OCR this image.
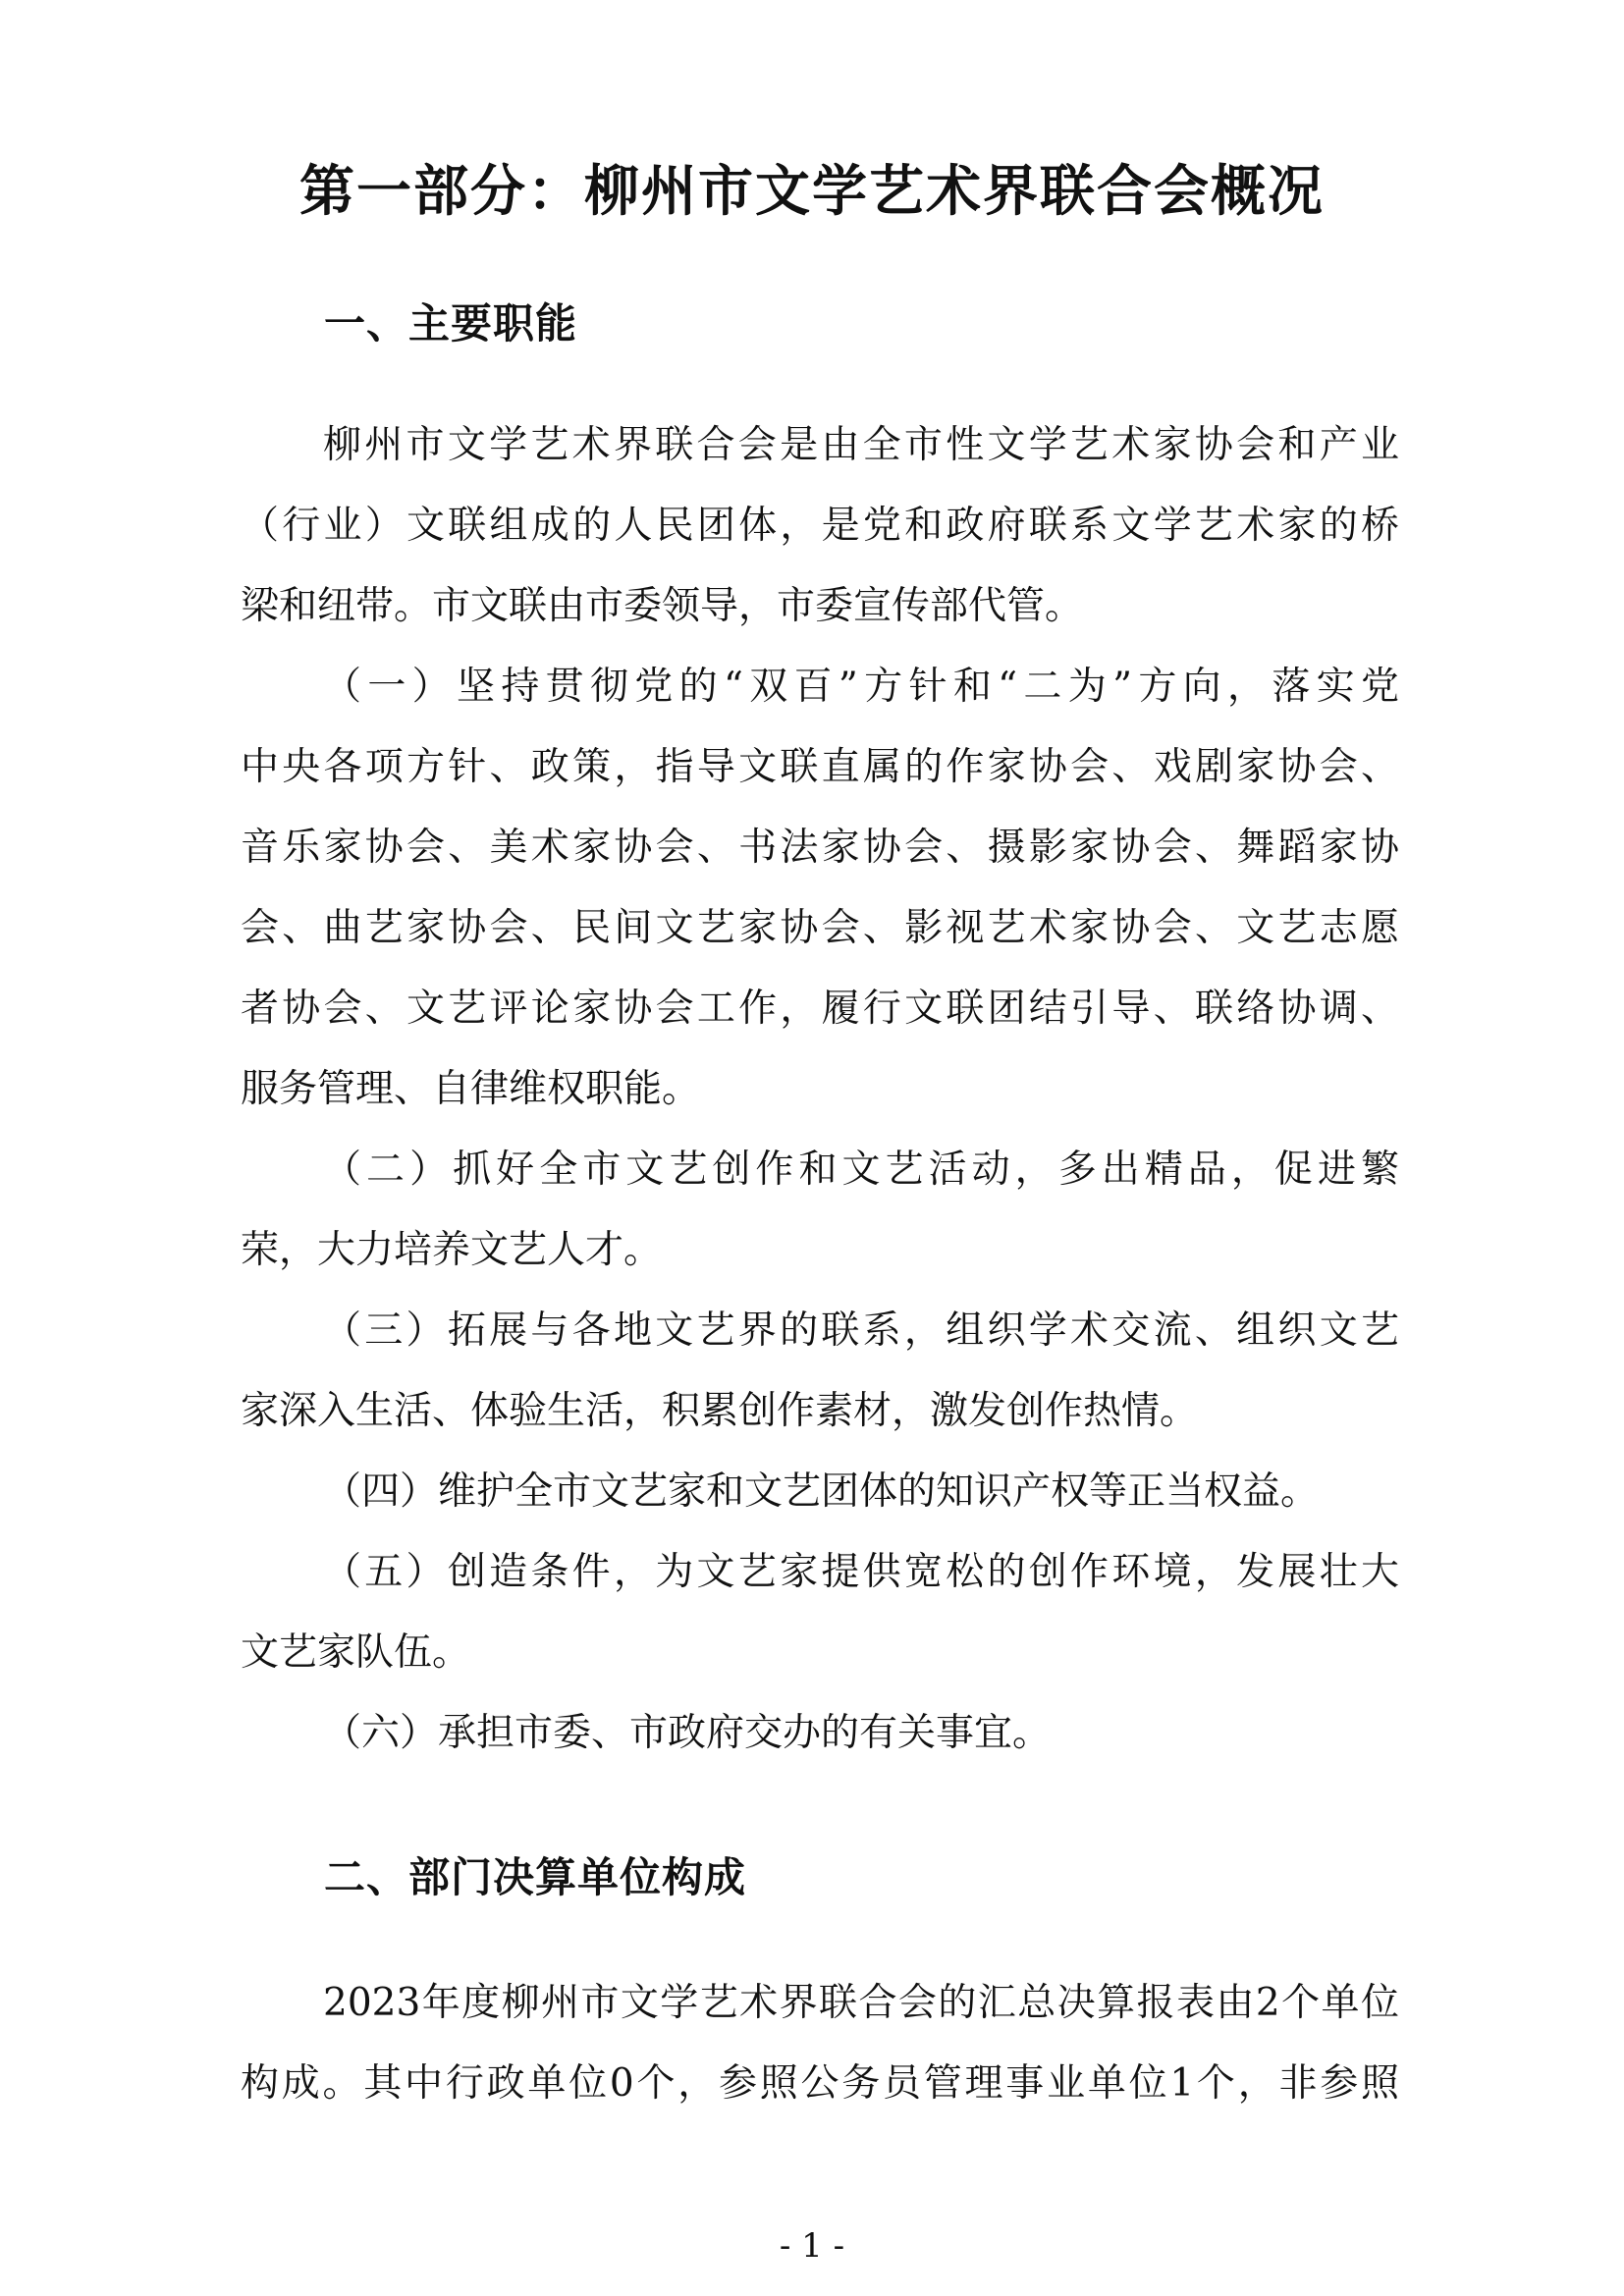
第一部分：柳州市文学艺术界联合会概况
一、主要职能
柳州市文学艺术界联合会是由全市性文学艺术家协会和产业
（行业）文联组成的人民团体，是党和政府联系文学艺术家的桥
梁和纽带。市文联由市委领导，市委宣传部代管。
（一）坚持贯彻党的“双百”方针和“二为”方向，落实党
中央各项方针、政策，指导文联直属的作家协会、戏剧家协会、
音乐家协会、美术家协会、书法家协会、摄影家协会、舞蹈家协
会、曲艺家协会、民间文艺家协会、影视艺术家协会、文艺志愿
者协会、文艺评论家协会工作，履行文联团结引导、联络协调、
服务管理、自律维权职能。
（二）抓好全市文艺创作和文艺活动，多出精品，促进繁
荣，大力培养文艺人才。
（三）拓展与各地文艺界的联系，组织学术交流、组织文艺
家深入生活、体验生活，积累创作素材，激发创作热情。
（四）维护全市文艺家和文艺团体的知识产权等正当权益。
（五）创造条件，为文艺家提供宽松的创作环境，发展壮大
文艺家队伍。
（六）承担市委、市政府交办的有关事宜。
二、部门决算单位构成
2023年度柳州市文学艺术界联合会的汇总决算报表由2个单位
构成。其中行政单位0个，参照公务员管理事业单位1个，非参照
- 1 -
